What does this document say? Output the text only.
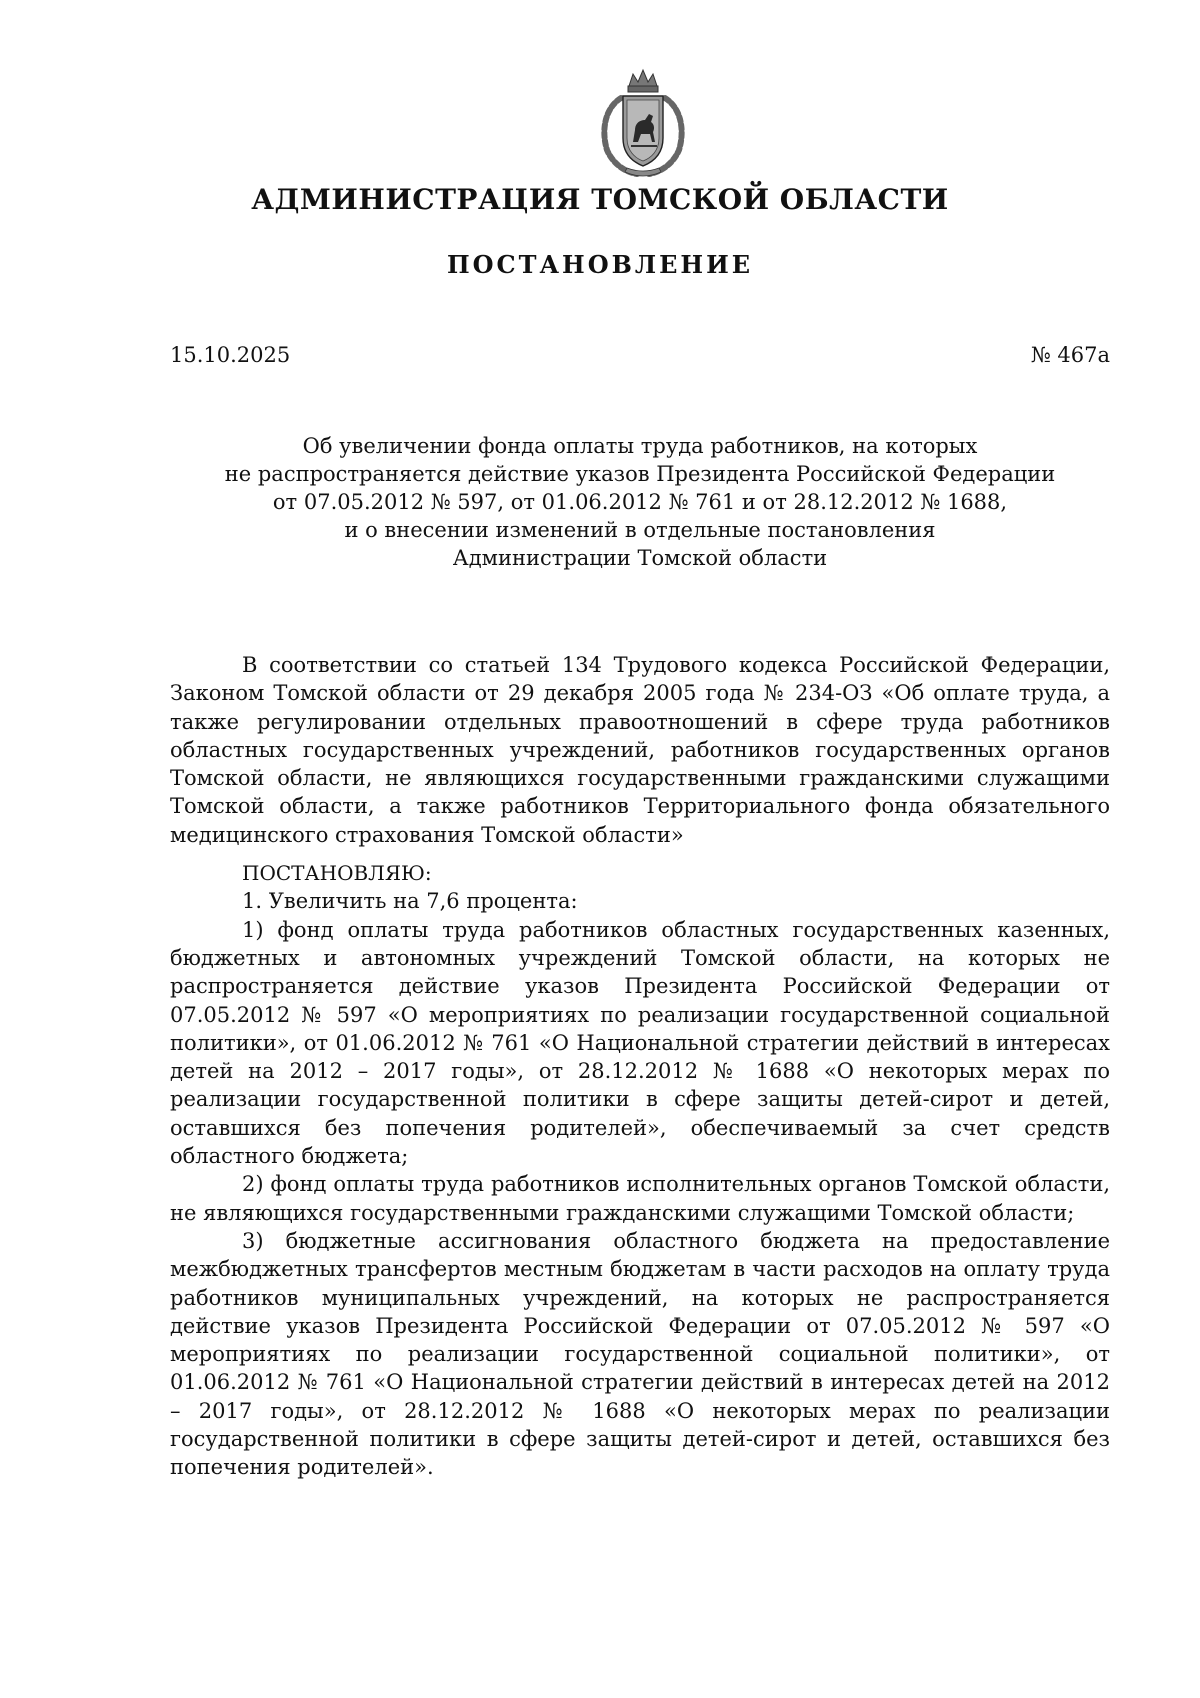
АДМИНИСТРАЦИЯ ТОМСКОЙ ОБЛАСТИ
ПОСТАНОВЛЕНИЕ
15.10.2025	№ 467а
Об увеличении фонда оплаты труда работников, на которых
не распространяется действие указов Президента Российской Федерации
от 07.05.2012 № 597, от 01.06.2012 № 761 и от 28.12.2012 № 1688,
и о внесении изменений в отдельные постановления
Администрации Томской области

В соответствии со статьей 134 Трудового кодекса Российской Федерации, Законом Томской области от 29 декабря 2005 года № 234-ОЗ «Об оплате труда, а также регулировании отдельных правоотношений в сфере труда работников областных государственных учреждений, работников государственных органов Томской области, не являющихся государственными гражданскими служащими Томской области, а также работников Территориального фонда обязательного медицинского страхования Томской области»

ПОСТАНОВЛЯЮ:

1. Увеличить на 7,6 процента:

1) фонд оплаты труда работников областных государственных казенных, бюджетных и автономных учреждений Томской области, на которых не распространяется действие указов Президента Российской Федерации от 07.05.2012 № 597 «О мероприятиях по реализации государственной социальной политики», от 01.06.2012 № 761 «О Национальной стратегии действий в интересах детей на 2012 – 2017 годы», от 28.12.2012 № 1688 «О некоторых мерах по реализации государственной политики в сфере защиты детей-сирот и детей, оставшихся без попечения родителей», обеспечиваемый за счет средств областного бюджета;

2) фонд оплаты труда работников исполнительных органов Томской области, не являющихся государственными гражданскими служащими Томской области;

3) бюджетные ассигнования областного бюджета на предоставление межбюджетных трансфертов местным бюджетам в части расходов на оплату труда работников муниципальных учреждений, на которых не распространяется действие указов Президента Российской Федерации от 07.05.2012 № 597 «О мероприятиях по реализации государственной социальной политики», от 01.06.2012 № 761 «О Национальной стратегии действий в интересах детей на 2012 – 2017 годы», от 28.12.2012 № 1688 «О некоторых мерах по реализации государственной политики в сфере защиты детей-сирот и детей, оставшихся без попечения родителей».
